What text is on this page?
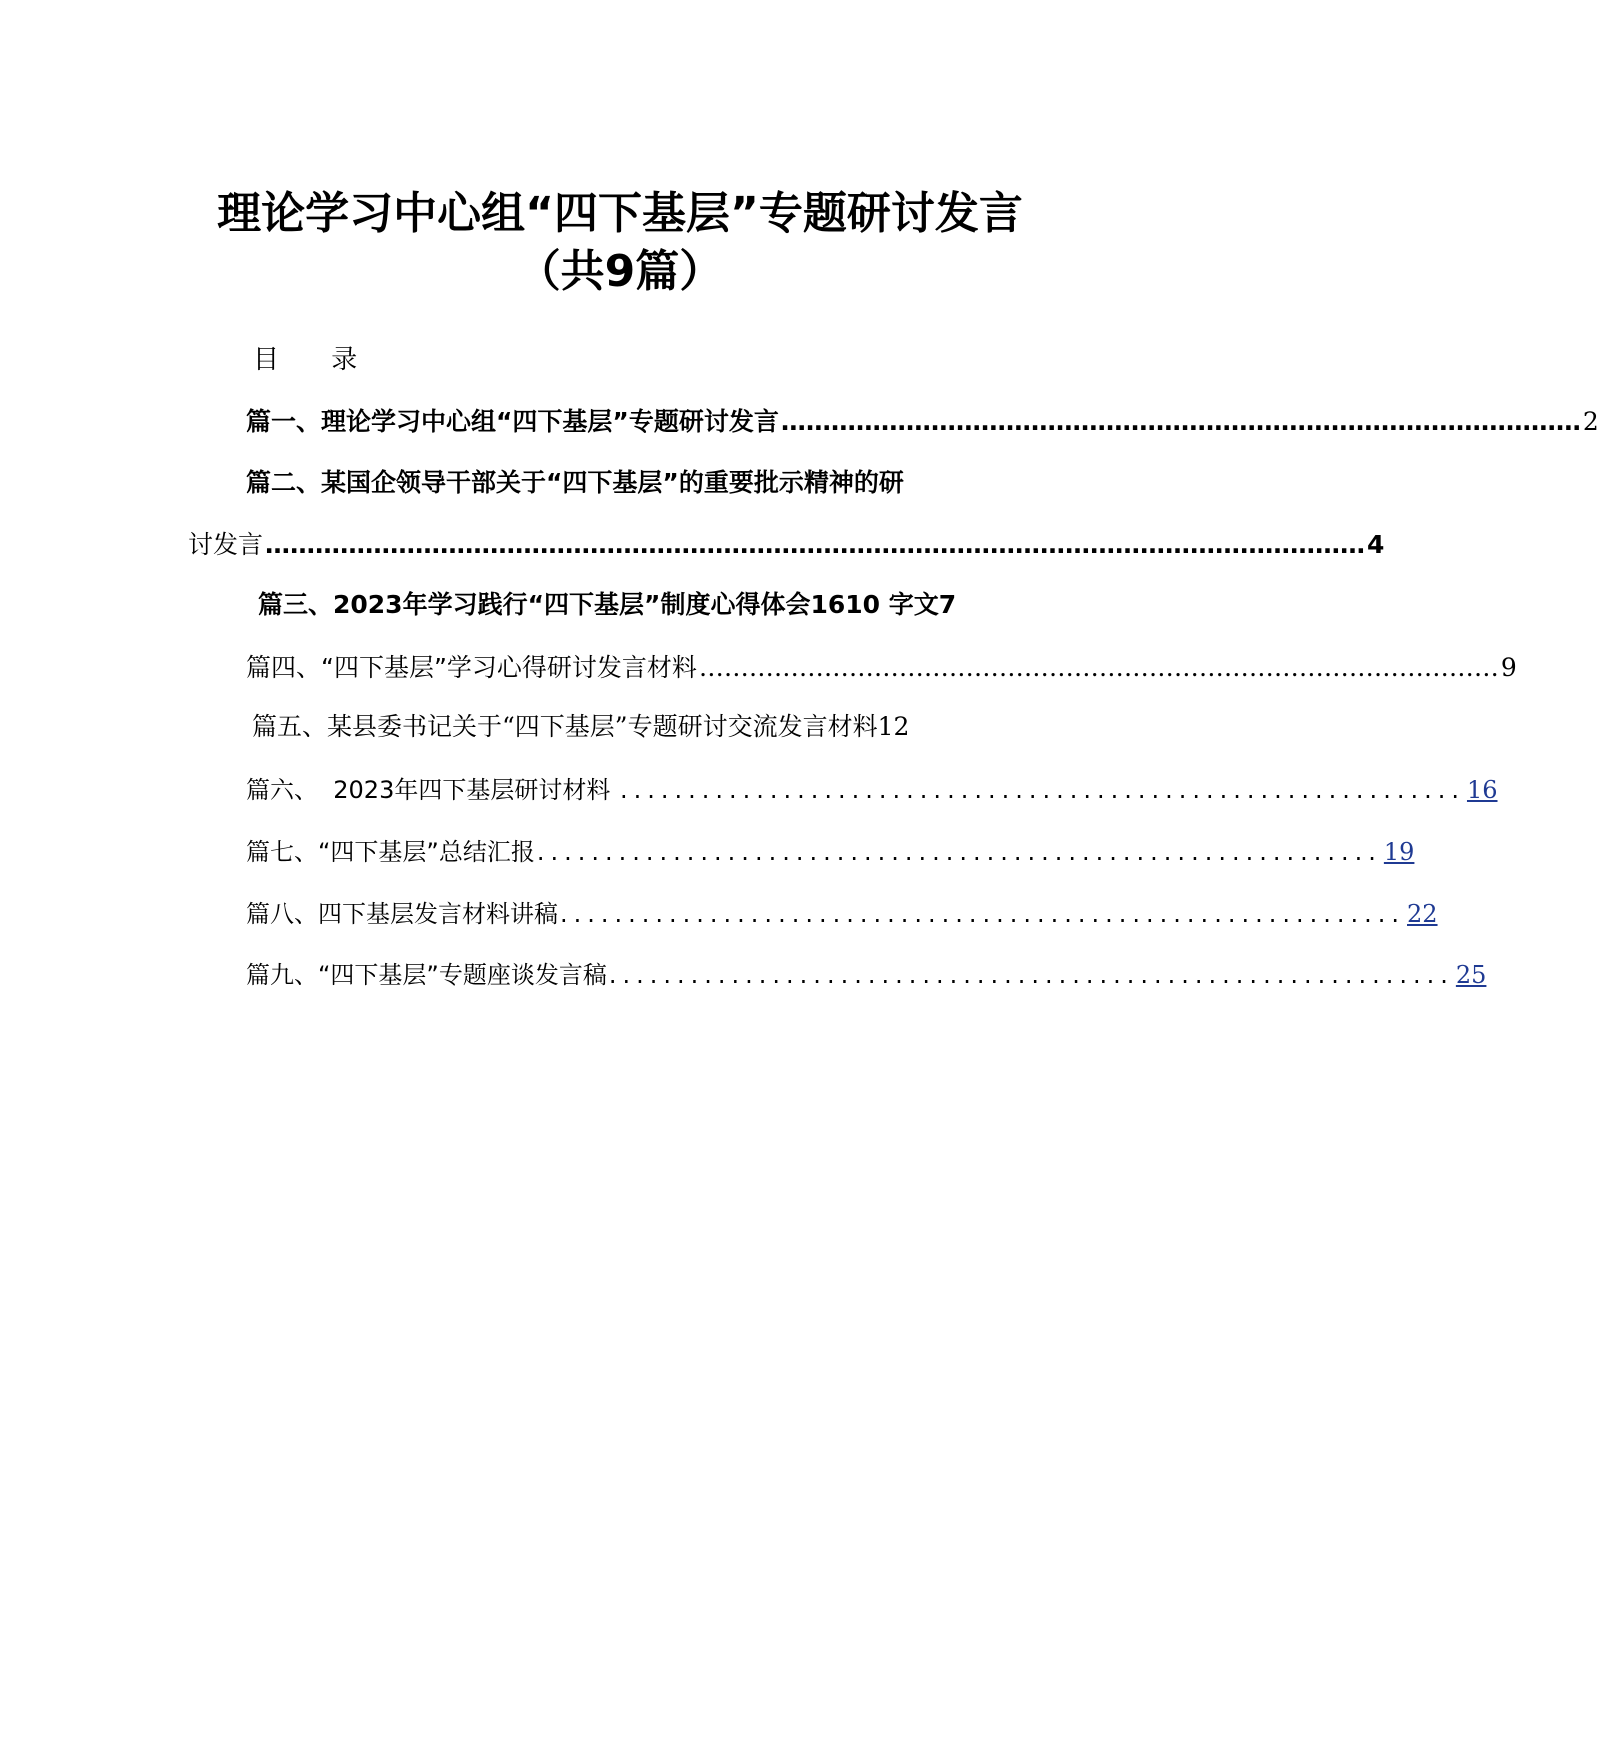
理论学习中心组“四下基层”专题研讨发言
（共9篇）
目 录
篇一、理论学习中心组“四下基层”专题研讨发言 …………………………………………………………………………………… 2
篇二、某国企领导干部关于“四下基层”的重要批示精神的研
讨发言 …………………………………………………………………………………………………………………… 4
篇三、2023年学习践行“四下基层”制度心得体会1610 字文 7
篇四、“四下基层”学习心得研讨发言材料 …………………………………………………………………………………… 9
篇五、某县委书记关于“四下基层”专题研讨交流发言材料 12
篇六、  2023年四下基层研讨材料 .............................................................. 16
篇七、“四下基层”总结汇报 .............................................................. 19
篇八、四下基层发言材料讲稿 .............................................................. 22
篇九、“四下基层”专题座谈发言稿 .............................................................. 25
